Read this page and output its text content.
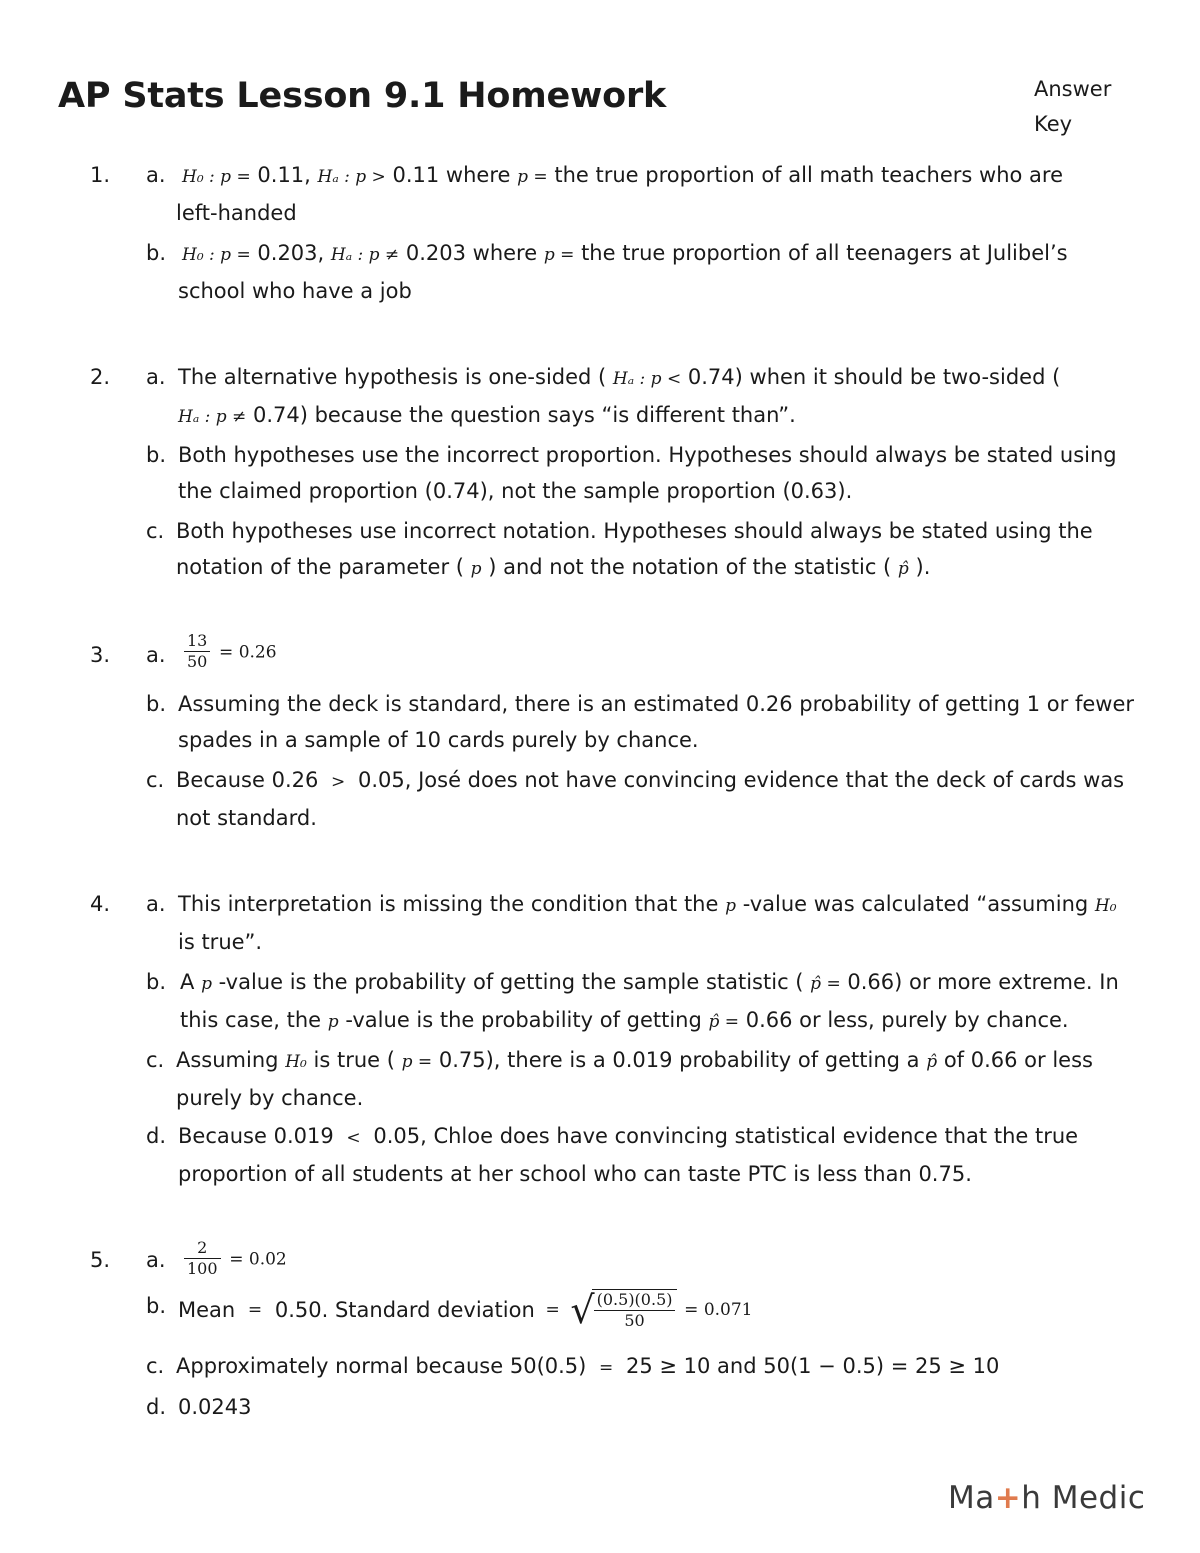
AP Stats Lesson 9.1 Homework	Answer
Key
1. a. H₀ : p = 0.11, Hₐ : p > 0.11 where p = the true proportion of all math teachers who are
left-handed
b. H₀ : p = 0.203, Hₐ : p ≠ 0.203 where p = the true proportion of all teenagers at Julibel’s
school who have a job
2. a. The alternative hypothesis is one-sided ( Hₐ : p < 0.74) when it should be two-sided (
Hₐ : p ≠ 0.74) because the question says “is different than”.
b. Both hypotheses use the incorrect proportion. Hypotheses should always be stated using
the claimed proportion (0.74), not the sample proportion (0.63).
c. Both hypotheses use incorrect notation. Hypotheses should always be stated using the
notation of the parameter ( p ) and not the notation of the statistic ( p̂ ).
3. a. $\frac{13}{50} = 0.26$
b. Assuming the deck is standard, there is an estimated 0.26 probability of getting 1 or fewer
spades in a sample of 10 cards purely by chance.
c. Because 0.26 > 0.05, José does not have convincing evidence that the deck of cards was
not standard.
4. a. This interpretation is missing the condition that the p -value was calculated “assuming H₀
is true”.
b. A p -value is the probability of getting the sample statistic ( p̂ = 0.66) or more extreme. In
this case, the p -value is the probability of getting p̂ = 0.66 or less, purely by chance.
c. Assuming H₀ is true ( p = 0.75), there is a 0.019 probability of getting a p̂ of 0.66 or less
purely by chance.
d. Because 0.019 < 0.05, Chloe does have convincing statistical evidence that the true
proportion of all students at her school who can taste PTC is less than 0.75.
5. a. $\frac{2}{100} = 0.02$
b. Mean = 0.50. Standard deviation = √ $\frac{(0.5)(0.5)}{50} = 0.071$
c. Approximately normal because 50(0.5) = 25 ≥ 10 and 50(1 − 0.5) = 25 ≥ 10
d. 0.0243
Ma+h Medic
